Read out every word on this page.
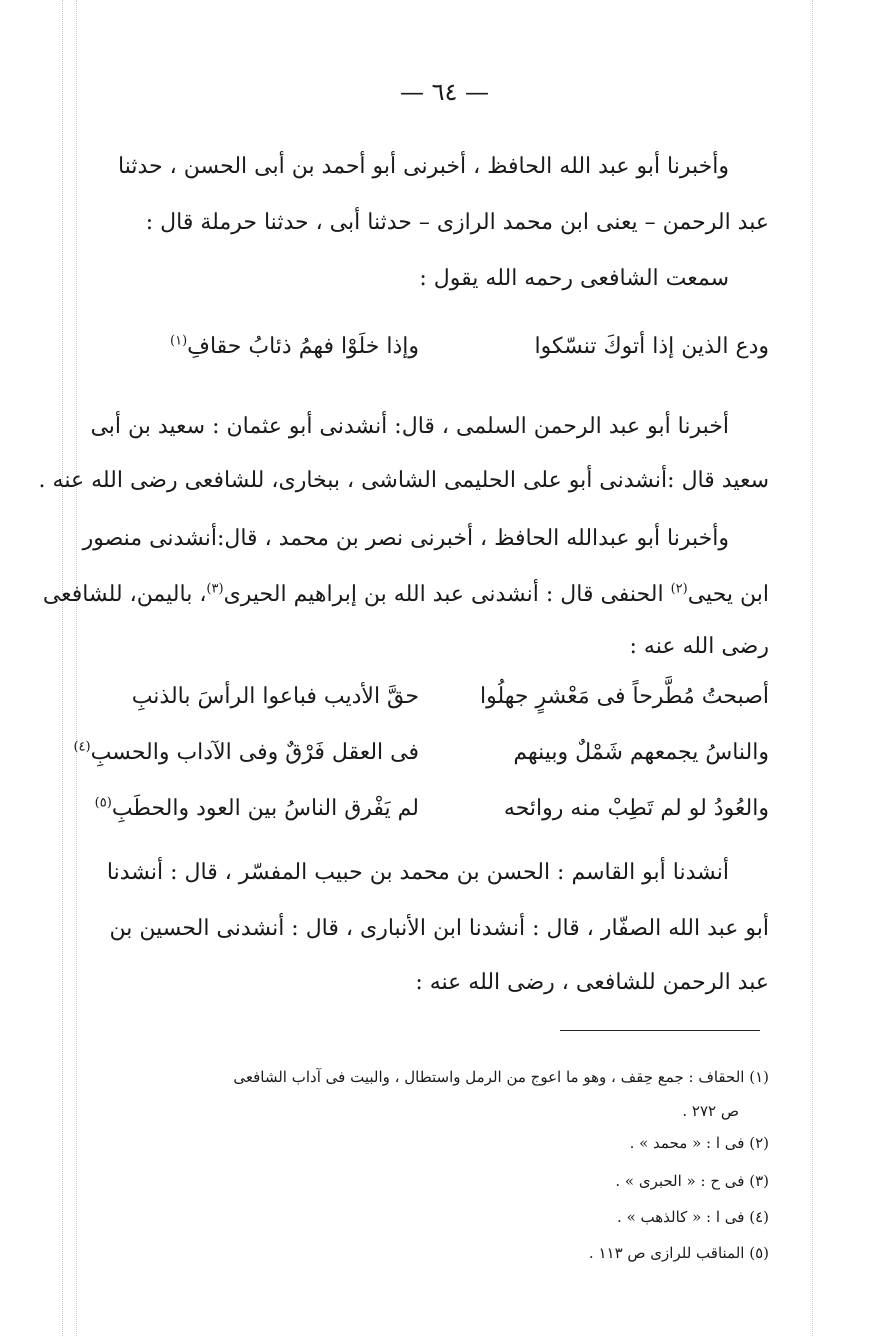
— ٦٤ —
وأخبرنا أبو عبد الله الحافظ ، أخبرنى أبو أحمد بن أبى الحسن ، حدثنا
عبد الرحمن – يعنى ابن محمد الرازى – حدثنا أبى ، حدثنا حرملة قال :
سمعت الشافعى رحمه الله يقول :
ودع الذين إذا أتوكَ تنسّكوا
وإذا خلَوْا فهمُ ذئابُ حقافِ$^{(١)}$
أخبرنا أبو عبد الرحمن السلمى ، قال: أنشدنى أبو عثمان : سعيد بن أبى
سعيد قال :أنشدنى أبو على الحليمى الشاشى ، ببخارى، للشافعى رضى الله عنه .
وأخبرنا أبو عبدالله الحافظ ، أخبرنى نصر بن محمد ، قال:أنشدنى منصور
ابن يحيى$^{(٢)}$ الحنفى قال : أنشدنى عبد الله بن إبراهيم الحيرى$^{(٣)}$، باليمن، للشافعى
رضى الله عنه :
أصبحتُ مُطَّرحاً فى مَعْشرٍ جهلُوا
حقَّ الأديب فباعوا الرأسَ بالذنبِ
والناسُ يجمعهم شَمْلٌ وبينهم
فى العقل فَرْقٌ وفى الآداب والحسبِ$^{(٤)}$
والعُودُ لو لم تَطِبْ منه روائحه
لم يَفْرق الناسُ بين العود والحطَبِ$^{(٥)}$
أنشدنا أبو القاسم : الحسن بن محمد بن حبيب المفسّر ، قال : أنشدنا
أبو عبد الله الصفّار ، قال : أنشدنا ابن الأنبارى ، قال : أنشدنى الحسين بن
عبد الرحمن للشافعى ، رضى الله عنه :
(١) الحقاف : جمع حِقف ، وهو ما اعوج من الرمل واستطال ، والبيت فى آداب الشافعى
ص ٢٧٢ .
(٢) فى ا : « محمد » .
(٣) فى ح : « الحبرى » .
(٤) فى ا : « كالذهب » .
(٥) المناقب للرازى ص ١١٣ .
